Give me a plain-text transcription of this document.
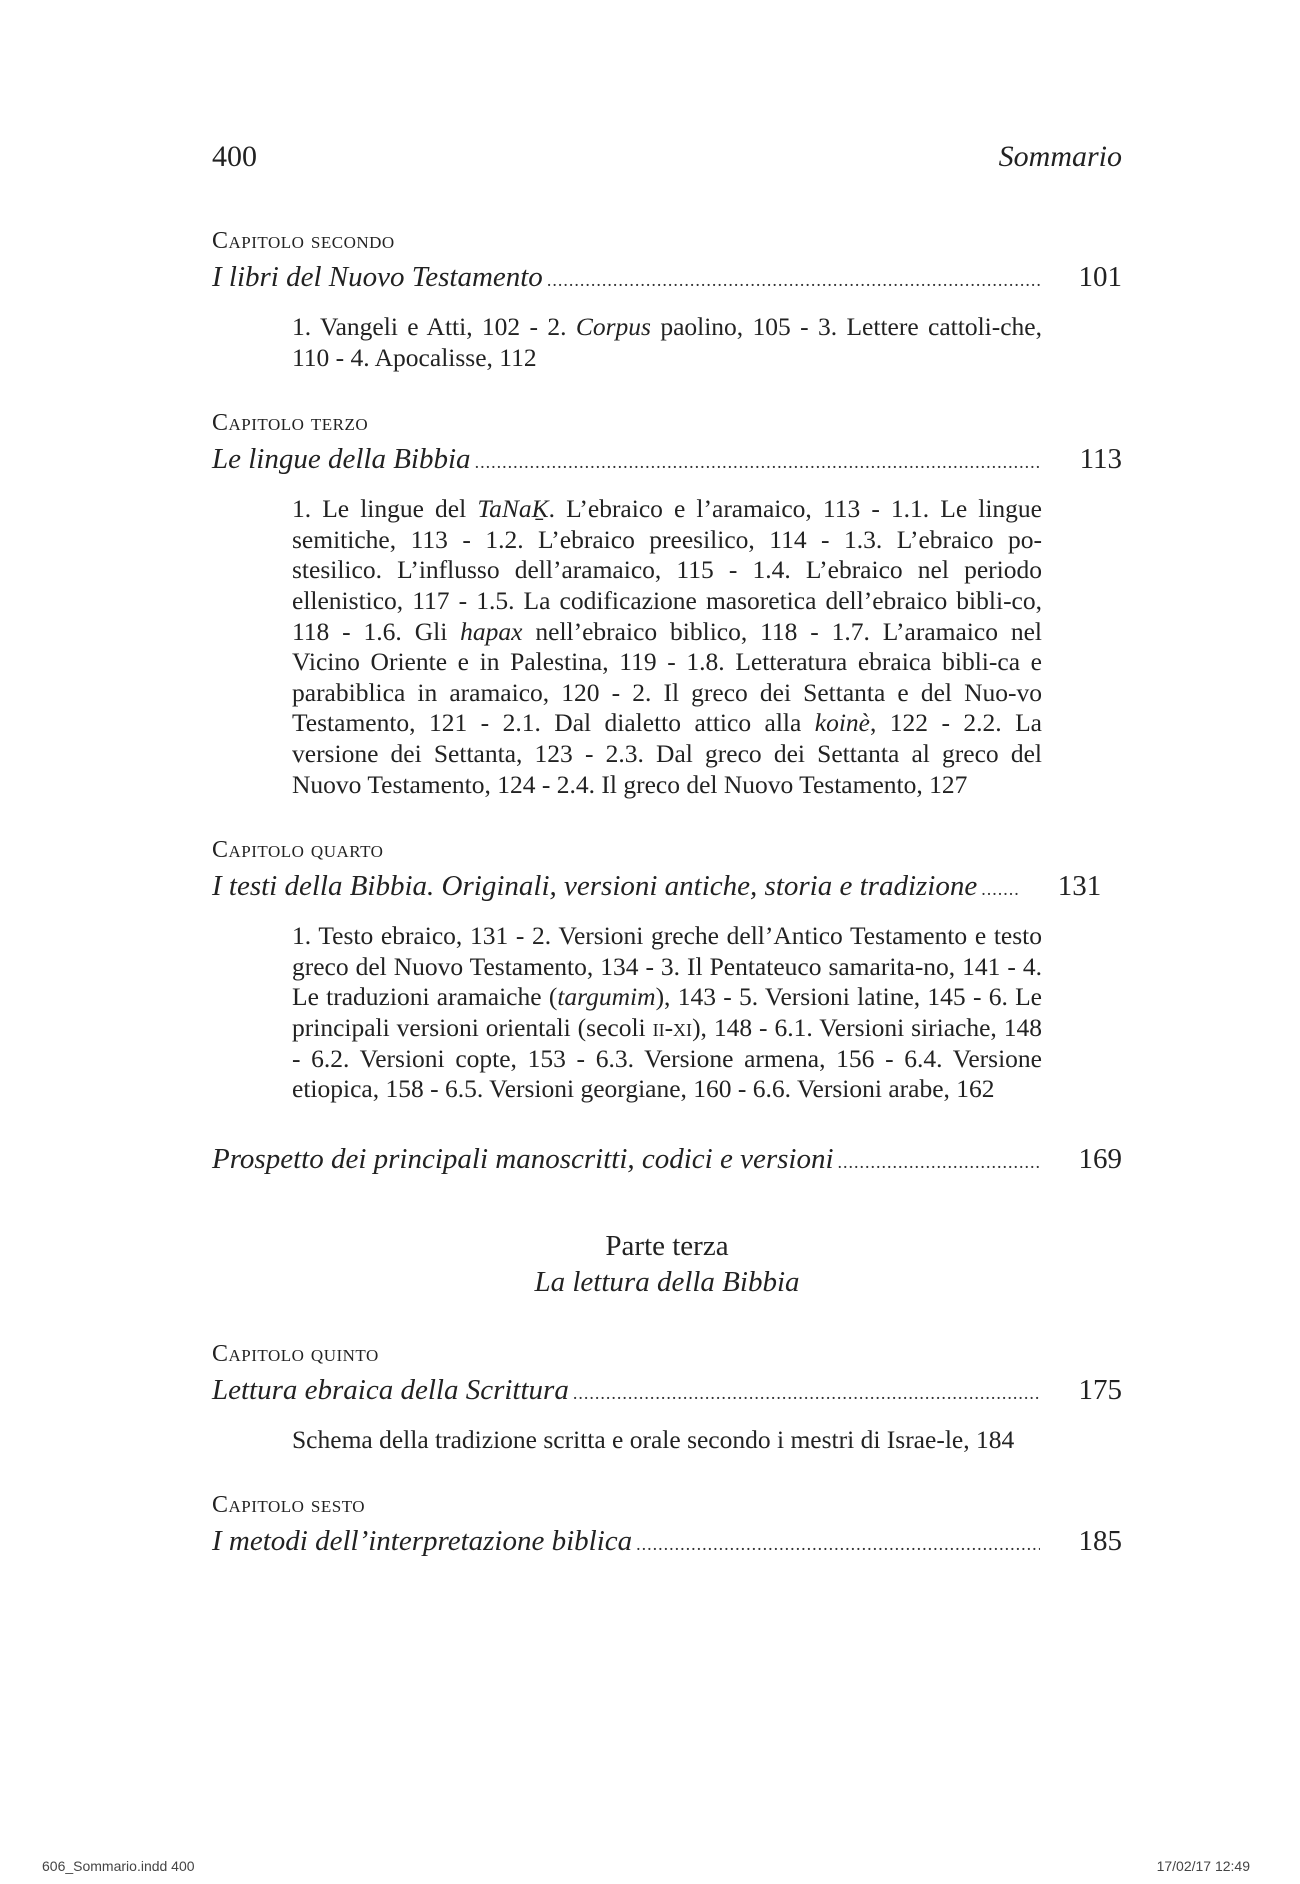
400	Sommario
Capitolo secondo
I libri del Nuovo Testamento .....	101
1. Vangeli e Atti, 102 - 2. Corpus paolino, 105 - 3. Lettere cattoli-che, 110 - 4. Apocalisse, 112
Capitolo terzo
Le lingue della Bibbia .....	113
1. Le lingue del TaNaK̠. L’ebraico e l’aramaico, 113 - 1.1. Le lingue semitiche, 113 - 1.2. L’ebraico preesilico, 114 - 1.3. L’ebraico po-stesilico. L’influsso dell’aramaico, 115 - 1.4. L’ebraico nel periodo ellenistico, 117 - 1.5. La codificazione masoretica dell’ebraico bibli-co, 118 - 1.6. Gli hapax nell’ebraico biblico, 118 - 1.7. L’aramaico nel Vicino Oriente e in Palestina, 119 - 1.8. Letteratura ebraica bibli-ca e parabiblica in aramaico, 120 - 2. Il greco dei Settanta e del Nuo-vo Testamento, 121 - 2.1. Dal dialetto attico alla koinè, 122 - 2.2. La versione dei Settanta, 123 - 2.3. Dal greco dei Settanta al greco del Nuovo Testamento, 124 - 2.4. Il greco del Nuovo Testamento, 127
Capitolo quarto
I testi della Bibbia. Originali, versioni antiche, storia e tradizione .....	131
1. Testo ebraico, 131 - 2. Versioni greche dell’Antico Testamento e testo greco del Nuovo Testamento, 134 - 3. Il Pentateuco samarita-no, 141 - 4. Le traduzioni aramaiche (targumim), 143 - 5. Versioni latine, 145 - 6. Le principali versioni orientali (secoli ii-xi), 148 - 6.1. Versioni siriache, 148 - 6.2. Versioni copte, 153 - 6.3. Versione armena, 156 - 6.4. Versione etiopica, 158 - 6.5. Versioni georgiane, 160 - 6.6. Versioni arabe, 162
Prospetto dei principali manoscritti, codici e versioni .....	169
Parte terza
La lettura della Bibbia
Capitolo quinto
Lettura ebraica della Scrittura .....	175
Schema della tradizione scritta e orale secondo i mestri di Israe-le, 184
Capitolo sesto
I metodi dell’interpretazione biblica .....	185
606_Sommario.indd 400	17/02/17 12:49
